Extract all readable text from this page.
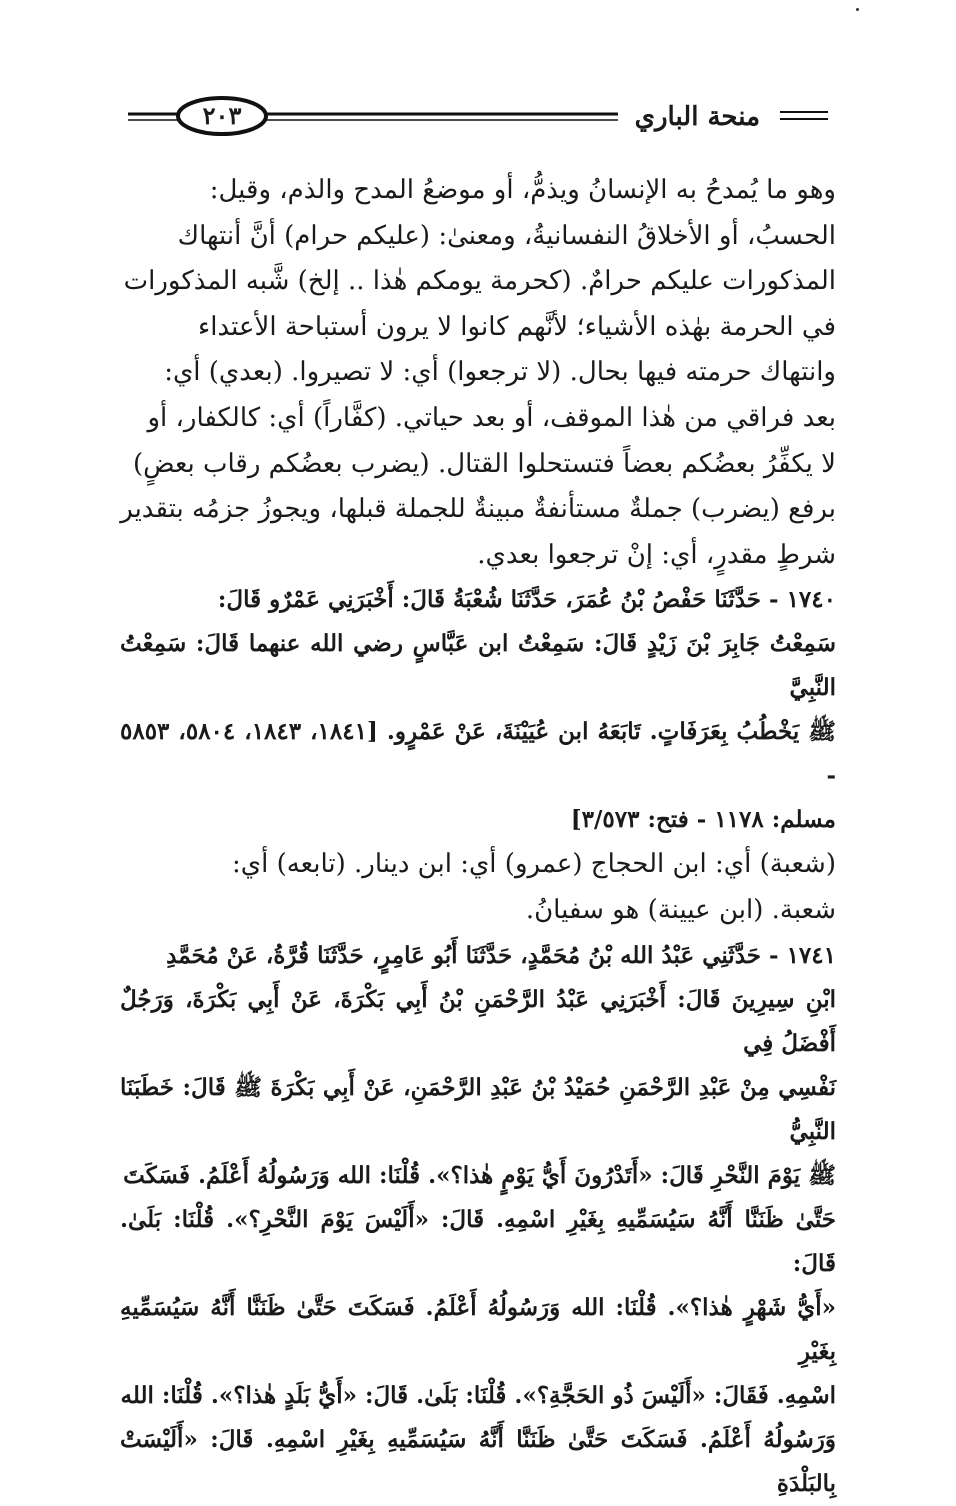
٢٠٣	منحة الباري

وهو ما يُمدحُ به الإنسانُ ويذمُّ، أو موضعُ المدح والذم، وقيل:

الحسبُ، أو الأخلاقُ النفسانيةُ، ومعنىٰ: (عليكم حرام) أنَّ أنتهاك

المذكورات عليكم حرامٌ. (كحرمة يومكم هٰذا .. إلخ) شَّبه المذكورات

في الحرمة بهٰذه الأشياء؛ لأنَّهم كانوا لا يرون أستباحة الأعتداء

وانتهاك حرمته فيها بحال. (لا ترجعوا) أي: لا تصيروا. (بعدي) أي:

بعد فراقي من هٰذا الموقف، أو بعد حياتي. (كفَّاراً) أي: كالكفار، أو

لا يكفِّرُ بعضُكم بعضاً فتستحلوا القتال. (يضرب بعضُكم رقاب بعضٍ)

برفع (يضرب) جملةٌ مستأنفةٌ مبينةٌ للجملة قبلها، ويجوزُ جزمُه بتقدير

شرطٍ مقدرٍ، أي: إنْ ترجعوا بعدي.

١٧٤٠ - حَدَّثَنَا حَفْصُ بْنُ عُمَرَ، حَدَّثَنَا شُعْبَةُ قَالَ: أَخْبَرَنِي عَمْرٌو قَالَ:

سَمِعْتُ جَابِرَ بْنَ زَيْدٍ قَالَ: سَمِعْتُ ابن عَبَّاسٍ رضي الله عنهما قَالَ: سَمِعْتُ النَّبِيَّ

ﷺ يَخْطُبُ بِعَرَفَاتٍ. تَابَعَهُ ابن عُيَيْنَةَ، عَنْ عَمْرٍو. [١٨٤١، ١٨٤٣، ٥٨٠٤، ٥٨٥٣ -

مسلم: ١١٧٨ - فتح: ٣/٥٧٣]

(شعبة) أي: ابن الحجاج (عمرو) أي: ابن دينار. (تابعه) أي:

شعبة. (ابن عيينة) هو سفيانُ.

١٧٤١ - حَدَّثَنِي عَبْدُ الله بْنُ مُحَمَّدٍ، حَدَّثَنَا أَبُو عَامِرٍ، حَدَّثَنَا قُرَّةُ، عَنْ مُحَمَّدِ

ابْنِ سِيرِينَ قَالَ: أَخْبَرَنِي عَبْدُ الرَّحْمَنِ بْنُ أَبِي بَكْرَةَ، عَنْ أَبِي بَكْرَةَ، وَرَجُلٌ أَفْضَلُ فِي

نَفْسِي مِنْ عَبْدِ الرَّحْمَنِ حُمَيْدُ بْنُ عَبْدِ الرَّحْمَنِ، عَنْ أَبِي بَكْرَةَ ﷺ قَالَ: خَطَبَنَا النَّبِيُّ

ﷺ يَوْمَ النَّحْرِ قَالَ: «أَتَدْرُونَ أَيُّ يَوْمٍ هٰذا؟». قُلْنَا: الله وَرَسُولُهُ أَعْلَمُ. فَسَكَتَ

حَتَّىٰ ظَنَنَّا أَنَّهُ سَيُسَمِّيهِ بِغَيْرِ اسْمِهِ. قَالَ: «أَلَيْسَ يَوْمَ النَّحْرِ؟». قُلْنَا: بَلَىٰ. قَالَ:

«أَيُّ شَهْرٍ هٰذا؟». قُلْنَا: الله وَرَسُولُهُ أَعْلَمُ. فَسَكَتَ حَتَّىٰ ظَنَنَّا أَنَّهُ سَيُسَمِّيهِ بِغَيْرِ

اسْمِهِ. فَقَالَ: «أَلَيْسَ ذُو الحَجَّةِ؟». قُلْنَا: بَلَىٰ. قَالَ: «أَيُّ بَلَدٍ هٰذا؟». قُلْنَا: الله

وَرَسُولُهُ أَعْلَمُ. فَسَكَتَ حَتَّىٰ ظَنَنَّا أَنَّهُ سَيُسَمِّيهِ بِغَيْرِ اسْمِهِ. قَالَ: «أَلَيْسَتْ بِالبَلْدَةِ
